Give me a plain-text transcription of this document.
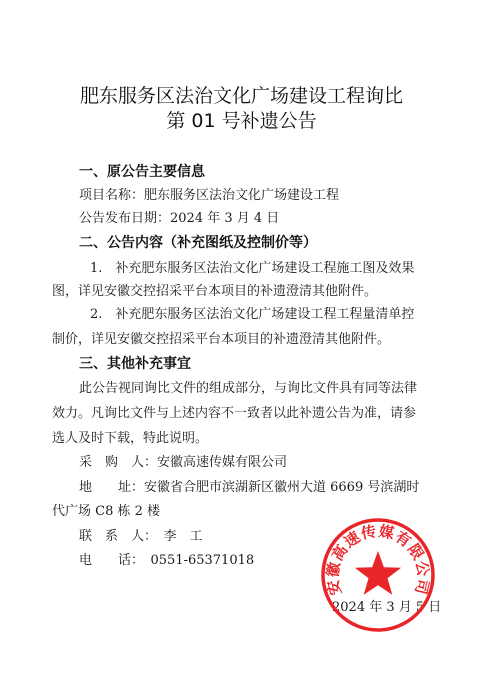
肥东服务区法治文化广场建设工程询比
第 01 号补遗公告
一、原公告主要信息
项目名称：肥东服务区法治文化广场建设工程
公告发布日期：2024 年 3 月 4 日
二、公告内容（补充图纸及控制价等）
1.　补充肥东服务区法治文化广场建设工程施工图及效果
图，详见安徽交控招采平台本项目的补遗澄清其他附件。
2.　补充肥东服务区法治文化广场建设工程工程量清单控
制价，详见安徽交控招采平台本项目的补遗澄清其他附件。
三、其他补充事宜
此公告视同询比文件的组成部分，与询比文件具有同等法律
效力。凡询比文件与上述内容不一致者以此补遗公告为准，请参
选人及时下载，特此说明。
采　购　人：安徽高速传媒有限公司
地　　址：安徽省合肥市滨湖新区徽州大道 6669 号滨湖时
代广场 C8 栋 2 楼
联　系　人：　李　工
电　　话：　0551-65371018
2024 年 3 月 5 日
安徽高速传媒有限公司
